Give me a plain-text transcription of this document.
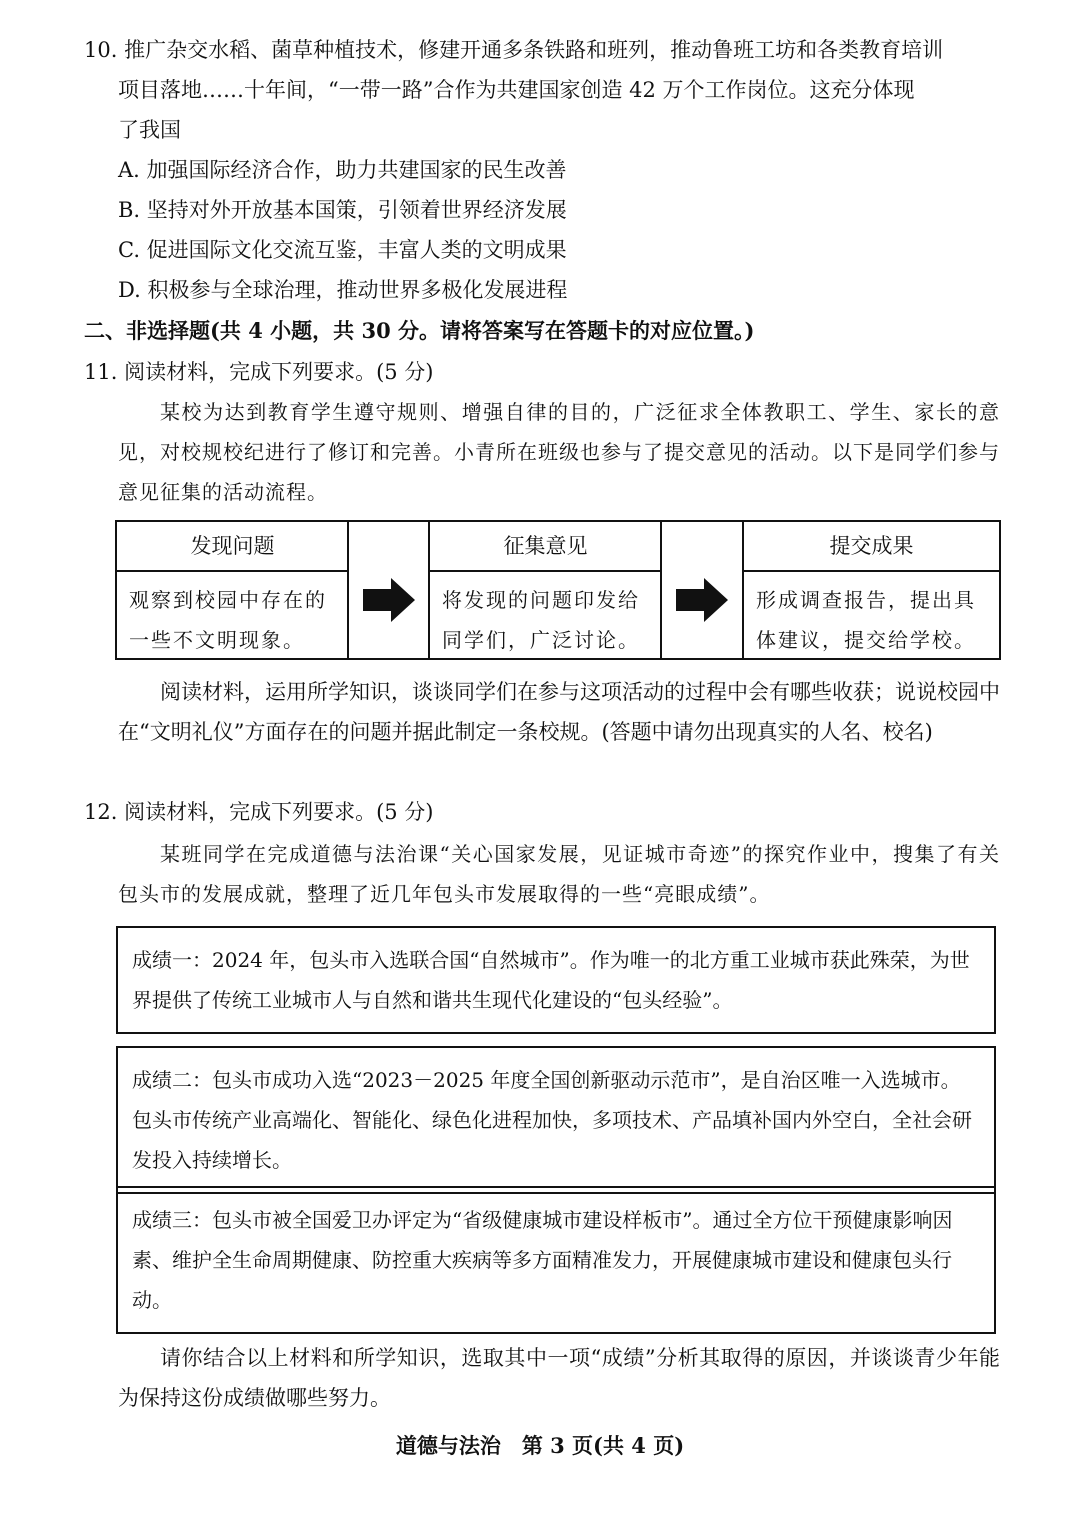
10. 推广杂交水稻、菌草种植技术，修建开通多条铁路和班列，推动鲁班工坊和各类教育培训
项目落地……十年间，“一带一路”合作为共建国家创造 42 万个工作岗位。这充分体现
了我国
A. 加强国际经济合作，助力共建国家的民生改善
B. 坚持对外开放基本国策，引领着世界经济发展
C. 促进国际文化交流互鉴，丰富人类的文明成果
D. 积极参与全球治理，推动世界多极化发展进程
二、非选择题(共 4 小题，共 30 分。请将答案写在答题卡的对应位置。)
11. 阅读材料，完成下列要求。(5 分)
某校为达到教育学生遵守规则、增强自律的目的，广泛征求全体教职工、学生、家长的意见，对校规校纪进行了修订和完善。小青所在班级也参与了提交意见的活动。以下是同学们参与意见征集的活动流程。
发现问题
观察到校园中存在的一些不文明现象。
征集意见
将发现的问题印发给同学们，广泛讨论。
提交成果
形成调查报告，提出具体建议，提交给学校。
阅读材料，运用所学知识，谈谈同学们在参与这项活动的过程中会有哪些收获；说说校园中在“文明礼仪”方面存在的问题并据此制定一条校规。(答题中请勿出现真实的人名、校名)
12. 阅读材料，完成下列要求。(5 分)
某班同学在完成道德与法治课“关心国家发展，见证城市奇迹”的探究作业中，搜集了有关包头市的发展成就，整理了近几年包头市发展取得的一些“亮眼成绩”。
成绩一：2024 年，包头市入选联合国“自然城市”。作为唯一的北方重工业城市获此殊荣，为世界提供了传统工业城市人与自然和谐共生现代化建设的“包头经验”。
成绩二：包头市成功入选“2023－2025 年度全国创新驱动示范市”，是自治区唯一入选城市。包头市传统产业高端化、智能化、绿色化进程加快，多项技术、产品填补国内外空白，全社会研发投入持续增长。
成绩三：包头市被全国爱卫办评定为“省级健康城市建设样板市”。通过全方位干预健康影响因素、维护全生命周期健康、防控重大疾病等多方面精准发力，开展健康城市建设和健康包头行动。
请你结合以上材料和所学知识，选取其中一项“成绩”分析其取得的原因，并谈谈青少年能为保持这份成绩做哪些努力。
道德与法治　第 3 页(共 4 页)
